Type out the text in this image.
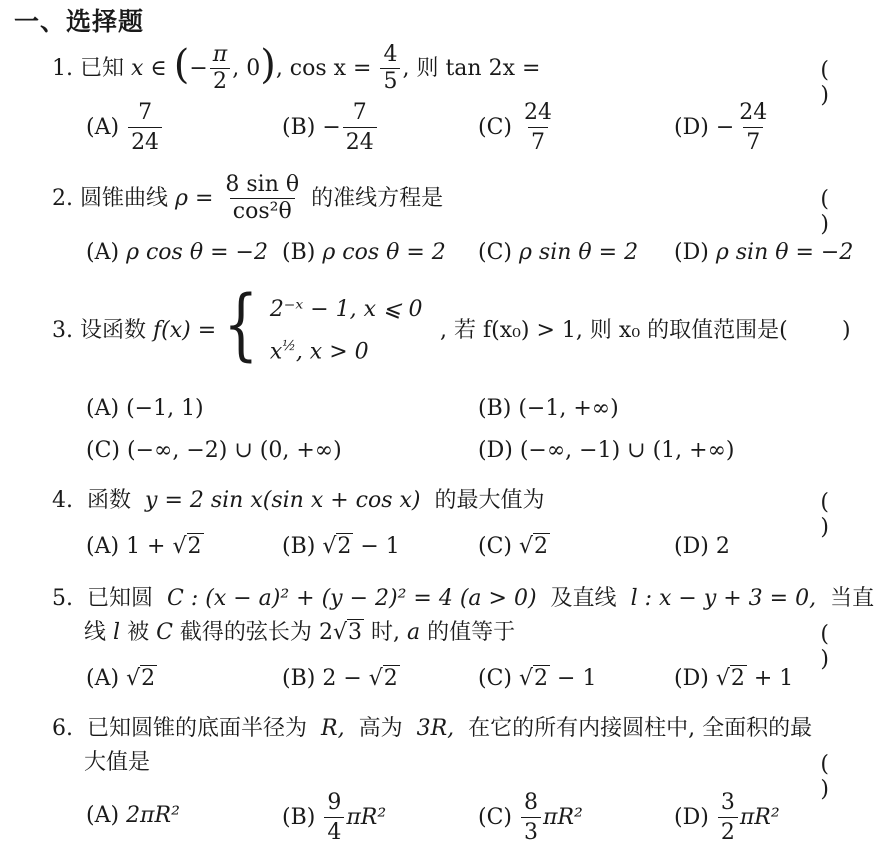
一、选择题
1.
已知
x ∈
( − $\frac{\pi}{2}$ , 0 ) , cos x =
$\frac{4}{5}$ , 则 tan 2x =	( )
(A)
$\frac{7}{24}$	(B)
− $\frac{7}{24}$	(C)
$\frac{24}{7}$	(D)
− $\frac{24}{7}$
2.
圆锥曲线
ρ =
$\frac{\text{8 sin θ}}{\text{cos²θ}}$
的准线方程是	( )
(A) ρ cos θ = −2 (B) ρ cos θ = 2 (C) ρ sin θ = 2 (D) ρ sin θ = −2
3.
设函数
f(x) = { 2⁻ˣ − 1, x ⩽ 0
$x^{\frac{1}{2}}$, x > 0
, 若 f(x₀) > 1, 则 x₀ 的取值范围是( )
(A) (−1, 1)	(B) (−1, +∞)
(C) (−∞, −2) ∪ (0, +∞)	(D) (−∞, −1) ∪ (1, +∞)
4. 函数 y = 2 sin x(sin x + cos x) 的最大值为	( )
(A) 1 + √2	(B) √2 − 1	(C) √2	(D) 2
5. 已知圆 C : (x − a)² + (y − 2)² = 4 (a > 0) 及直线 l : x − y + 3 = 0, 当直
线 l 被 C 截得的弦长为 2√3 时, a 的值等于	( )
(A) √2	(B) 2 − √2	(C) √2 − 1	(D) √2 + 1
6. 已知圆锥的底面半径为 R, 高为 3R, 在它的所有内接圆柱中, 全面积的最
大值是	( )
(A)
2πR²	(B)
$\frac{9}{4} \pi R^2$	(C)
$\frac{8}{3} \pi R^2$	(D)
$\frac{3}{2} \pi R^2$
